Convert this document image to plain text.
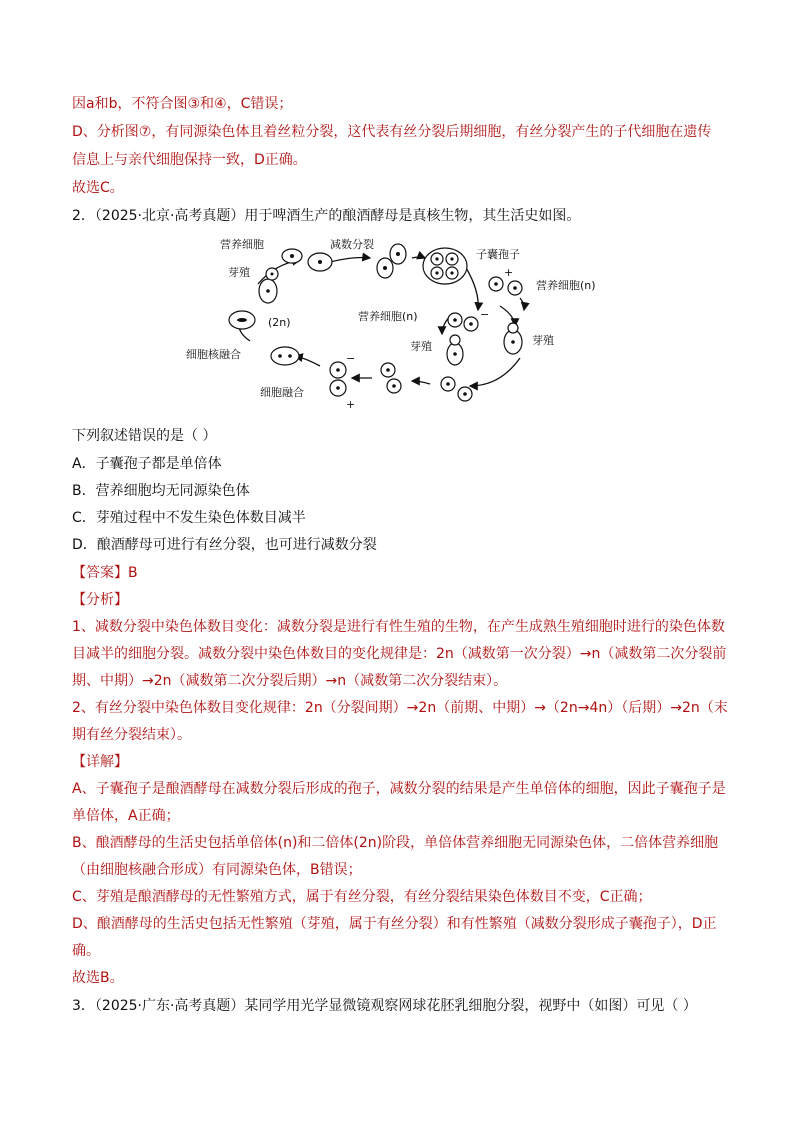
因a和b，不符合图③和④，C错误；
D、分析图⑦，有同源染色体且着丝粒分裂，这代表有丝分裂后期细胞，有丝分裂产生的子代细胞在遗传
信息上与亲代细胞保持一致，D正确。
故选C。
2．（2025·北京·高考真题）用于啤酒生产的酿酒酵母是真核生物，其生活史如图。
营养细胞	减数分裂
子囊孢子
+
营养细胞(n)
芽殖
(2n)	营养细胞(n)	−
芽殖	芽殖
细胞核融合	−
细胞融合
+
下列叙述错误的是（ ）
A．子囊孢子都是单倍体
B．营养细胞均无同源染色体
C．芽殖过程中不发生染色体数目减半
D．酿酒酵母可进行有丝分裂，也可进行减数分裂
【答案】B
【分析】
1、减数分裂中染色体数目变化：减数分裂是进行有性生殖的生物，在产生成熟生殖细胞时进行的染色体数
目减半的细胞分裂。减数分裂中染色体数目的变化规律是：2n（减数第一次分裂）→n（减数第二次分裂前
期、中期）→2n（减数第二次分裂后期）→n（减数第二次分裂结束）。
2、有丝分裂中染色体数目变化规律：2n（分裂间期）→2n（前期、中期）→（2n→4n）（后期）→2n（末
期有丝分裂结束）。
【详解】
A、子囊孢子是酿酒酵母在减数分裂后形成的孢子，减数分裂的结果是产生单倍体的细胞，因此子囊孢子是
单倍体，A正确；
B、酿酒酵母的生活史包括单倍体(n)和二倍体(2n)阶段，单倍体营养细胞无同源染色体，二倍体营养细胞
（由细胞核融合形成）有同源染色体，B错误；
C、芽殖是酿酒酵母的无性繁殖方式，属于有丝分裂，有丝分裂结果染色体数目不变，C正确；
D、酿酒酵母的生活史包括无性繁殖（芽殖，属于有丝分裂）和有性繁殖（减数分裂形成子囊孢子），D正
确。
故选B。
3．（2025·广东·高考真题）某同学用光学显微镜观察网球花胚乳细胞分裂，视野中（如图）可见（ ）
